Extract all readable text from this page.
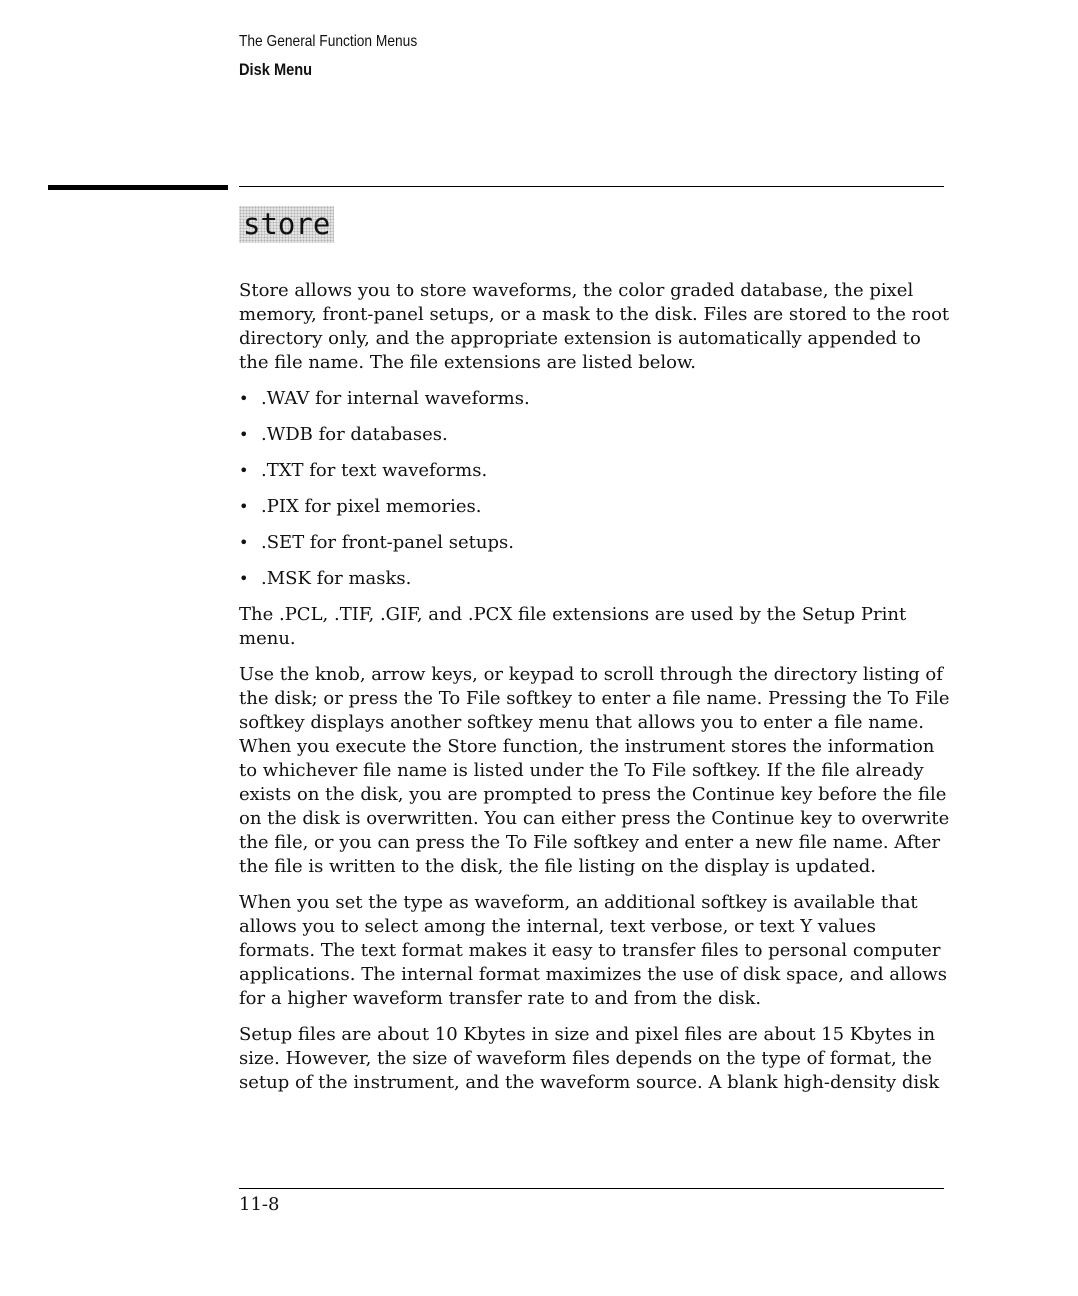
The General Function Menus
Disk Menu
store

Store allows you to store waveforms, the color graded database, the pixel memory, front-panel setups, or a mask to the disk. Files are stored to the root directory only, and the appropriate extension is automatically appended to the file name. The file extensions are listed below.

• .WAV for internal waveforms.
• .WDB for databases.
• .TXT for text waveforms.
• .PIX for pixel memories.
• .SET for front-panel setups.
• .MSK for masks.

The .PCL, .TIF, .GIF, and .PCX file extensions are used by the Setup Print menu.

Use the knob, arrow keys, or keypad to scroll through the directory listing of the disk; or press the To File softkey to enter a file name. Pressing the To File softkey displays another softkey menu that allows you to enter a file name. When you execute the Store function, the instrument stores the information to whichever file name is listed under the To File softkey. If the file already exists on the disk, you are prompted to press the Continue key before the file on the disk is overwritten. You can either press the Continue key to overwrite the file, or you can press the To File softkey and enter a new file name. After the file is written to the disk, the file listing on the display is updated.

When you set the type as waveform, an additional softkey is available that allows you to select among the internal, text verbose, or text Y values formats. The text format makes it easy to transfer files to personal computer applications. The internal format maximizes the use of disk space, and allows for a higher waveform transfer rate to and from the disk.

Setup files are about 10 Kbytes in size and pixel files are about 15 Kbytes in size. However, the size of waveform files depends on the type of format, the setup of the instrument, and the waveform source. A blank high-density disk

11-8
